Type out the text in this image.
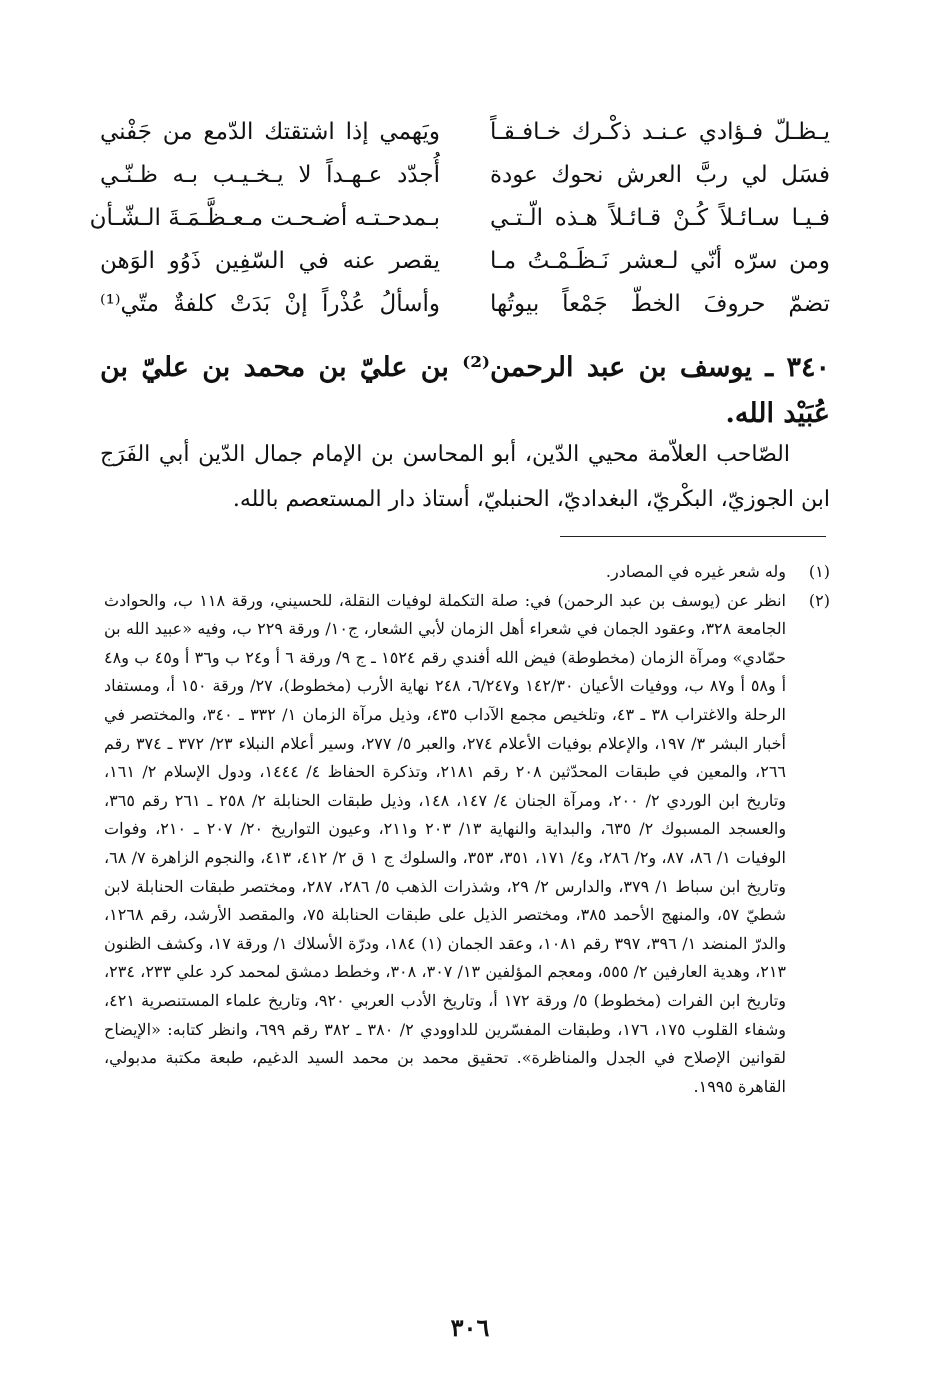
يـظـلّ فـؤادي عـنـد ذكْـرك خـافـقـاً
ويَهمي إذا اشتقتك الدّمع من جَفْني
فسَل لي ربَّ العرش نحوك عودة
أُجدّد عـهـداً لا يـخـيـب بـه ظـنّـي
فـيـا سـائـلاً كُـنْ قـائـلاً هـذه الّـتـي
بـمدحـتـه أضـحـت مـعـظَّـمَـةَ الـشّـأن
ومن سرّه أنّي لـعشر نَـظَـمْـتُ مـا
يقصر عنه في السّفِين ذَوُو الوَهن
تضمّ حروفَ الخطّ جَمْعاً بيوتُها
وأسألُ عُذْراً إنْ بَدَتْ كلفةٌ متّي⁽¹⁾
٣٤٠ ـ يوسف بن عبد الرحمن⁽²⁾ بن عليّ بن محمد بن عليّ بن عُبَيْد الله.
الصّاحب العلاّمة محيي الدّين، أبو المحاسن بن الإمام جمال الدّين أبي الفَرَج ابن الجوزيّ، البكْريّ، البغداديّ، الحنبليّ، أستاذ دار المستعصم بالله.
(١)
وله شعر غيره في المصادر.
(٢)
انظر عن (يوسف بن عبد الرحمن) في: صلة التكملة لوفيات النقلة، للحسيني، ورقة ١١٨ ب، والحوادث الجامعة ٣٢٨، وعقود الجمان في شعراء أهل الزمان لأبي الشعار، ج١٠/ ورقة ٢٢٩ ب، وفيه «عبيد الله بن حمّادي» ومرآة الزمان (مخطوطة) فيض الله أفندي رقم ١٥٢٤ ـ ج ٩/ ورقة ٦ أ و٢٤ ب و٣٦ أ و٤٥ ب و٤٨ أ و٥٨ أ و٨٧ ب، ووفيات الأعيان ١٤٢/٣٠ و٦/٢٤٧، ٢٤٨ نهاية الأرب (مخطوط)، ٢٧/ ورقة ١٥٠ أ، ومستفاد الرحلة والاغتراب ٣٨ ـ ٤٣، وتلخيص مجمع الآداب ٤٣٥، وذيل مرآة الزمان ١/ ٣٣٢ ـ ٣٤٠، والمختصر في أخبار البشر ٣/ ١٩٧، والإعلام بوفيات الأعلام ٢٧٤، والعبر ٥/ ٢٧٧، وسير أعلام النبلاء ٢٣/ ٣٧٢ ـ ٣٧٤ رقم ٢٦٦، والمعين في طبقات المحدّثين ٢٠٨ رقم ٢١٨١، وتذكرة الحفاظ ٤/ ١٤٤٤، ودول الإسلام ٢/ ١٦١، وتاريخ ابن الوردي ٢/ ٢٠٠، ومرآة الجنان ٤/ ١٤٧، ١٤٨، وذيل طبقات الحنابلة ٢/ ٢٥٨ ـ ٢٦١ رقم ٣٦٥، والعسجد المسبوك ٢/ ٦٣٥، والبداية والنهاية ١٣/ ٢٠٣ و٢١١، وعيون التواريخ ٢٠/ ٢٠٧ ـ ٢١٠، وفوات الوفيات ١/ ٨٦، ٨٧، و٢/ ٢٨٦، و٤/ ١٧١، ٣٥١، ٣٥٣، والسلوك ج ١ ق ٢/ ٤١٢، ٤١٣، والنجوم الزاهرة ٧/ ٦٨، وتاريخ ابن سباط ١/ ٣٧٩، والدارس ٢/ ٢٩، وشذرات الذهب ٥/ ٢٨٦، ٢٨٧، ومختصر طبقات الحنابلة لابن شطيّ ٥٧، والمنهج الأحمد ٣٨٥، ومختصر الذيل على طبقات الحنابلة ٧٥، والمقصد الأرشد، رقم ١٢٦٨، والدرّ المنضد ١/ ٣٩٦، ٣٩٧ رقم ١٠٨١، وعقد الجمان (١) ١٨٤، ودرّة الأسلاك ١/ ورقة ١٧، وكشف الظنون ٢١٣، وهدية العارفين ٢/ ٥٥٥، ومعجم المؤلفين ١٣/ ٣٠٧، ٣٠٨، وخطط دمشق لمحمد كرد علي ٢٣٣، ٢٣٤، وتاريخ ابن الفرات (مخطوط) ٥/ ورقة ١٧٢ أ، وتاريخ الأدب العربي ٩٢٠، وتاريخ علماء المستنصرية ٤٢١، وشفاء القلوب ١٧٥، ١٧٦، وطبقات المفسّرين للداوودي ٢/ ٣٨٠ ـ ٣٨٢ رقم ٦٩٩، وانظر كتابه: «الإيضاح لقوانين الإصلاح في الجدل والمناظرة». تحقيق محمد بن محمد السيد الدغيم، طبعة مكتبة مدبولي، القاهرة ١٩٩٥.
٣٠٦
